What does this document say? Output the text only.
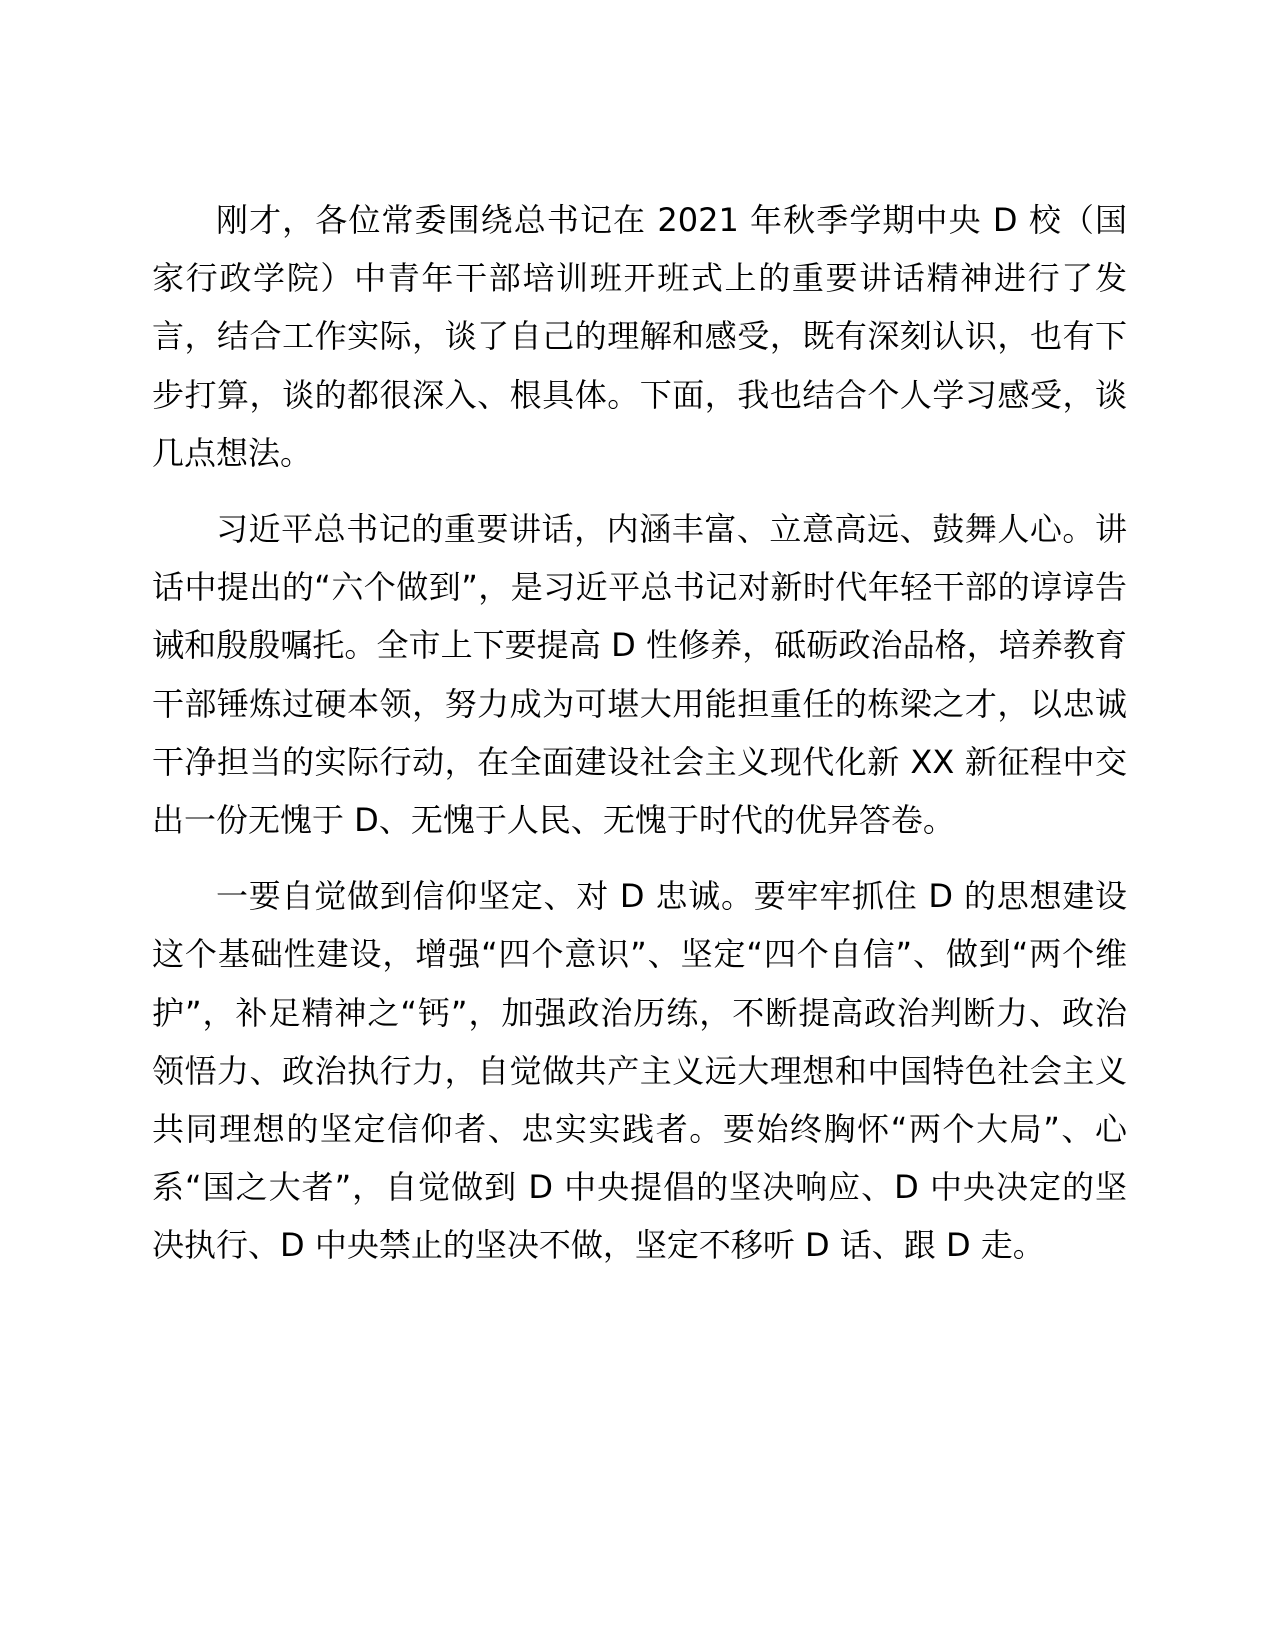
刚才，各位常委围绕总书记在 2021 年秋季学期中央 D 校（国家行政学院）中青年干部培训班开班式上的重要讲话精神进行了发言，结合工作实际，谈了自己的理解和感受，既有深刻认识，也有下步打算，谈的都很深入、根具体。下面，我也结合个人学习感受，谈几点想法。

习近平总书记的重要讲话，内涵丰富、立意高远、鼓舞人心。讲话中提出的“六个做到”，是习近平总书记对新时代年轻干部的谆谆告诫和殷殷嘱托。全市上下要提高 D 性修养，砥砺政治品格，培养教育干部锤炼过硬本领，努力成为可堪大用能担重任的栋梁之才，以忠诚干净担当的实际行动，在全面建设社会主义现代化新 XX 新征程中交出一份无愧于 D、无愧于人民、无愧于时代的优异答卷。

一要自觉做到信仰坚定、对 D 忠诚。要牢牢抓住 D 的思想建设这个基础性建设，增强“四个意识”、坚定“四个自信”、做到“两个维护”，补足精神之“钙”，加强政治历练，不断提高政治判断力、政治领悟力、政治执行力，自觉做共产主义远大理想和中国特色社会主义共同理想的坚定信仰者、忠实实践者。要始终胸怀“两个大局”、心系“国之大者”，自觉做到 D 中央提倡的坚决响应、D 中央决定的坚决执行、D 中央禁止的坚决不做，坚定不移听 D 话、跟 D 走。
